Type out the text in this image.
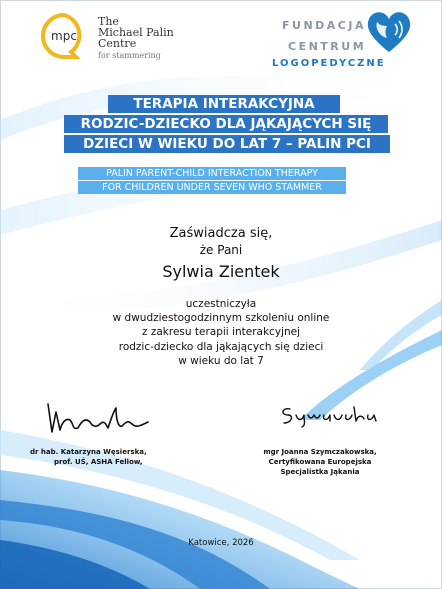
mpc
The
Michael Palin
Centre
for stammering
FUNDACJA
CENTRUM
LOGOPEDYCZNE
TERAPIA INTERAKCYJNA
RODZIC-DZIECKO DLA JĄKAJĄCYCH SIĘ
DZIECI W WIEKU DO LAT 7 – PALIN PCI
PALIN PARENT-CHILD INTERACTION THERAPY
FOR CHILDREN UNDER SEVEN WHO STAMMER
Zaświadcza się,
że Pani
Sylwia Zientek
uczestniczyła
w dwudziestogodzinnym szkoleniu online
z zakresu terapii interakcyjnej
rodzic-dziecko dla jąkających się dzieci
w wieku do lat 7
dr hab. Katarzyna Węsierska,
prof. UŚ, ASHA Fellow,
mgr Joanna Szymczakowska,
Certyfikowana Europejska
Specjalistka Jąkania
Katowice, 2026
